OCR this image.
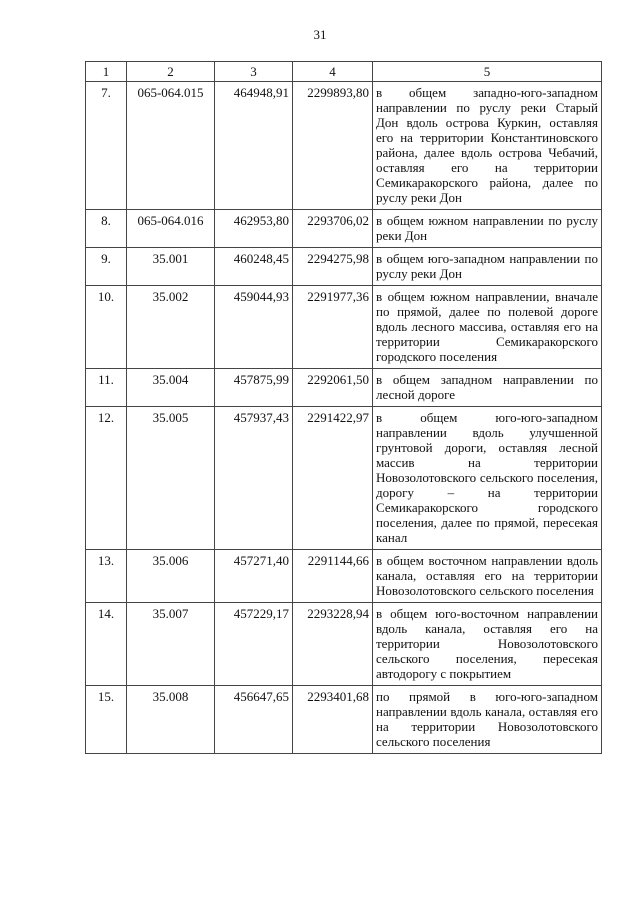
31
1	2	3	4	5
7.	065-064.015	464948,91	2299893,80	в общем западно-юго-западном направлении по руслу реки Старый Дон вдоль острова Куркин, оставляя его на территории Константиновского района, далее вдоль острова Чебачий, оставляя его на территории Семикаракорского района, далее по руслу реки Дон
8.	065-064.016	462953,80	2293706,02	в общем южном направлении по руслу реки Дон
9.	35.001	460248,45	2294275,98	в общем юго-западном направлении по руслу реки Дон
10.	35.002	459044,93	2291977,36	в общем южном направлении, вначале по прямой, далее по полевой дороге вдоль лесного массива, оставляя его на территории Семикаракорского городского поселения
11.	35.004	457875,99	2292061,50	в общем западном направлении по лесной дороге
12.	35.005	457937,43	2291422,97	в общем юго-юго-западном направлении вдоль улучшенной грунтовой дороги, оставляя лесной массив на территории Новозолотовского сельского поселения, дорогу – на территории Семикаракорского городского поселения, далее по прямой, пересекая канал
13.	35.006	457271,40	2291144,66	в общем восточном направлении вдоль канала, оставляя его на территории Новозолотовского сельского поселения
14.	35.007	457229,17	2293228,94	в общем юго-восточном направлении вдоль канала, оставляя его на территории Новозолотовского сельского поселения, пересекая автодорогу с покрытием
15.	35.008	456647,65	2293401,68	по прямой в юго-юго-западном направлении вдоль канала, оставляя его на территории Новозолотовского сельского поселения
